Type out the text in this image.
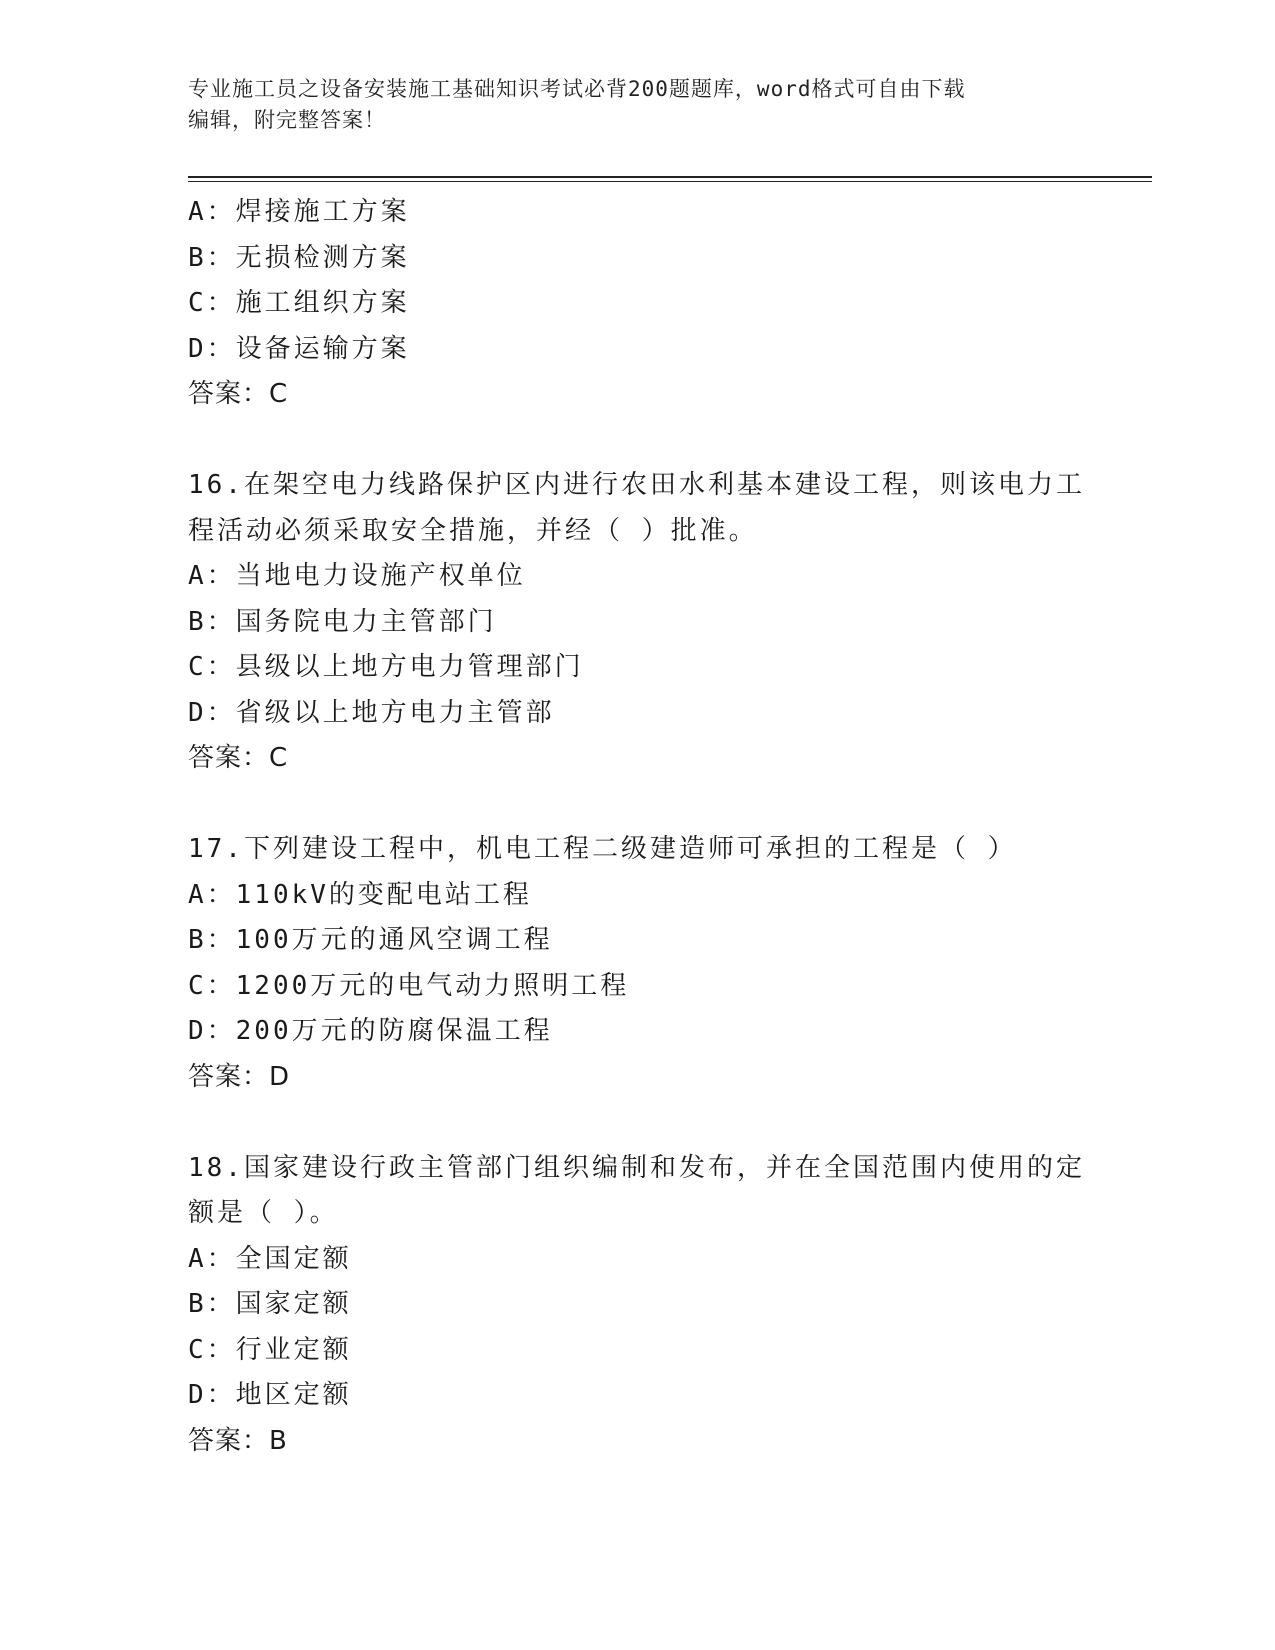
专业施工员之设备安装施工基础知识考试必背200题题库，word格式可自由下载
编辑，附完整答案！
A：焊接施工方案
B：无损检测方案
C：施工组织方案
D：设备运输方案
答案：C
16.在架空电力线路保护区内进行农田水利基本建设工程，则该电力工
程活动必须采取安全措施，并经（ ）批准。
A：当地电力设施产权单位
B：国务院电力主管部门
C：县级以上地方电力管理部门
D：省级以上地方电力主管部
答案：C
17.下列建设工程中，机电工程二级建造师可承担的工程是（ ）
A：110kV的变配电站工程
B：100万元的通风空调工程
C：1200万元的电气动力照明工程
D：200万元的防腐保温工程
答案：D
18.国家建设行政主管部门组织编制和发布，并在全国范围内使用的定
额是（ ）。
A：全国定额
B：国家定额
C：行业定额
D：地区定额
答案：B
